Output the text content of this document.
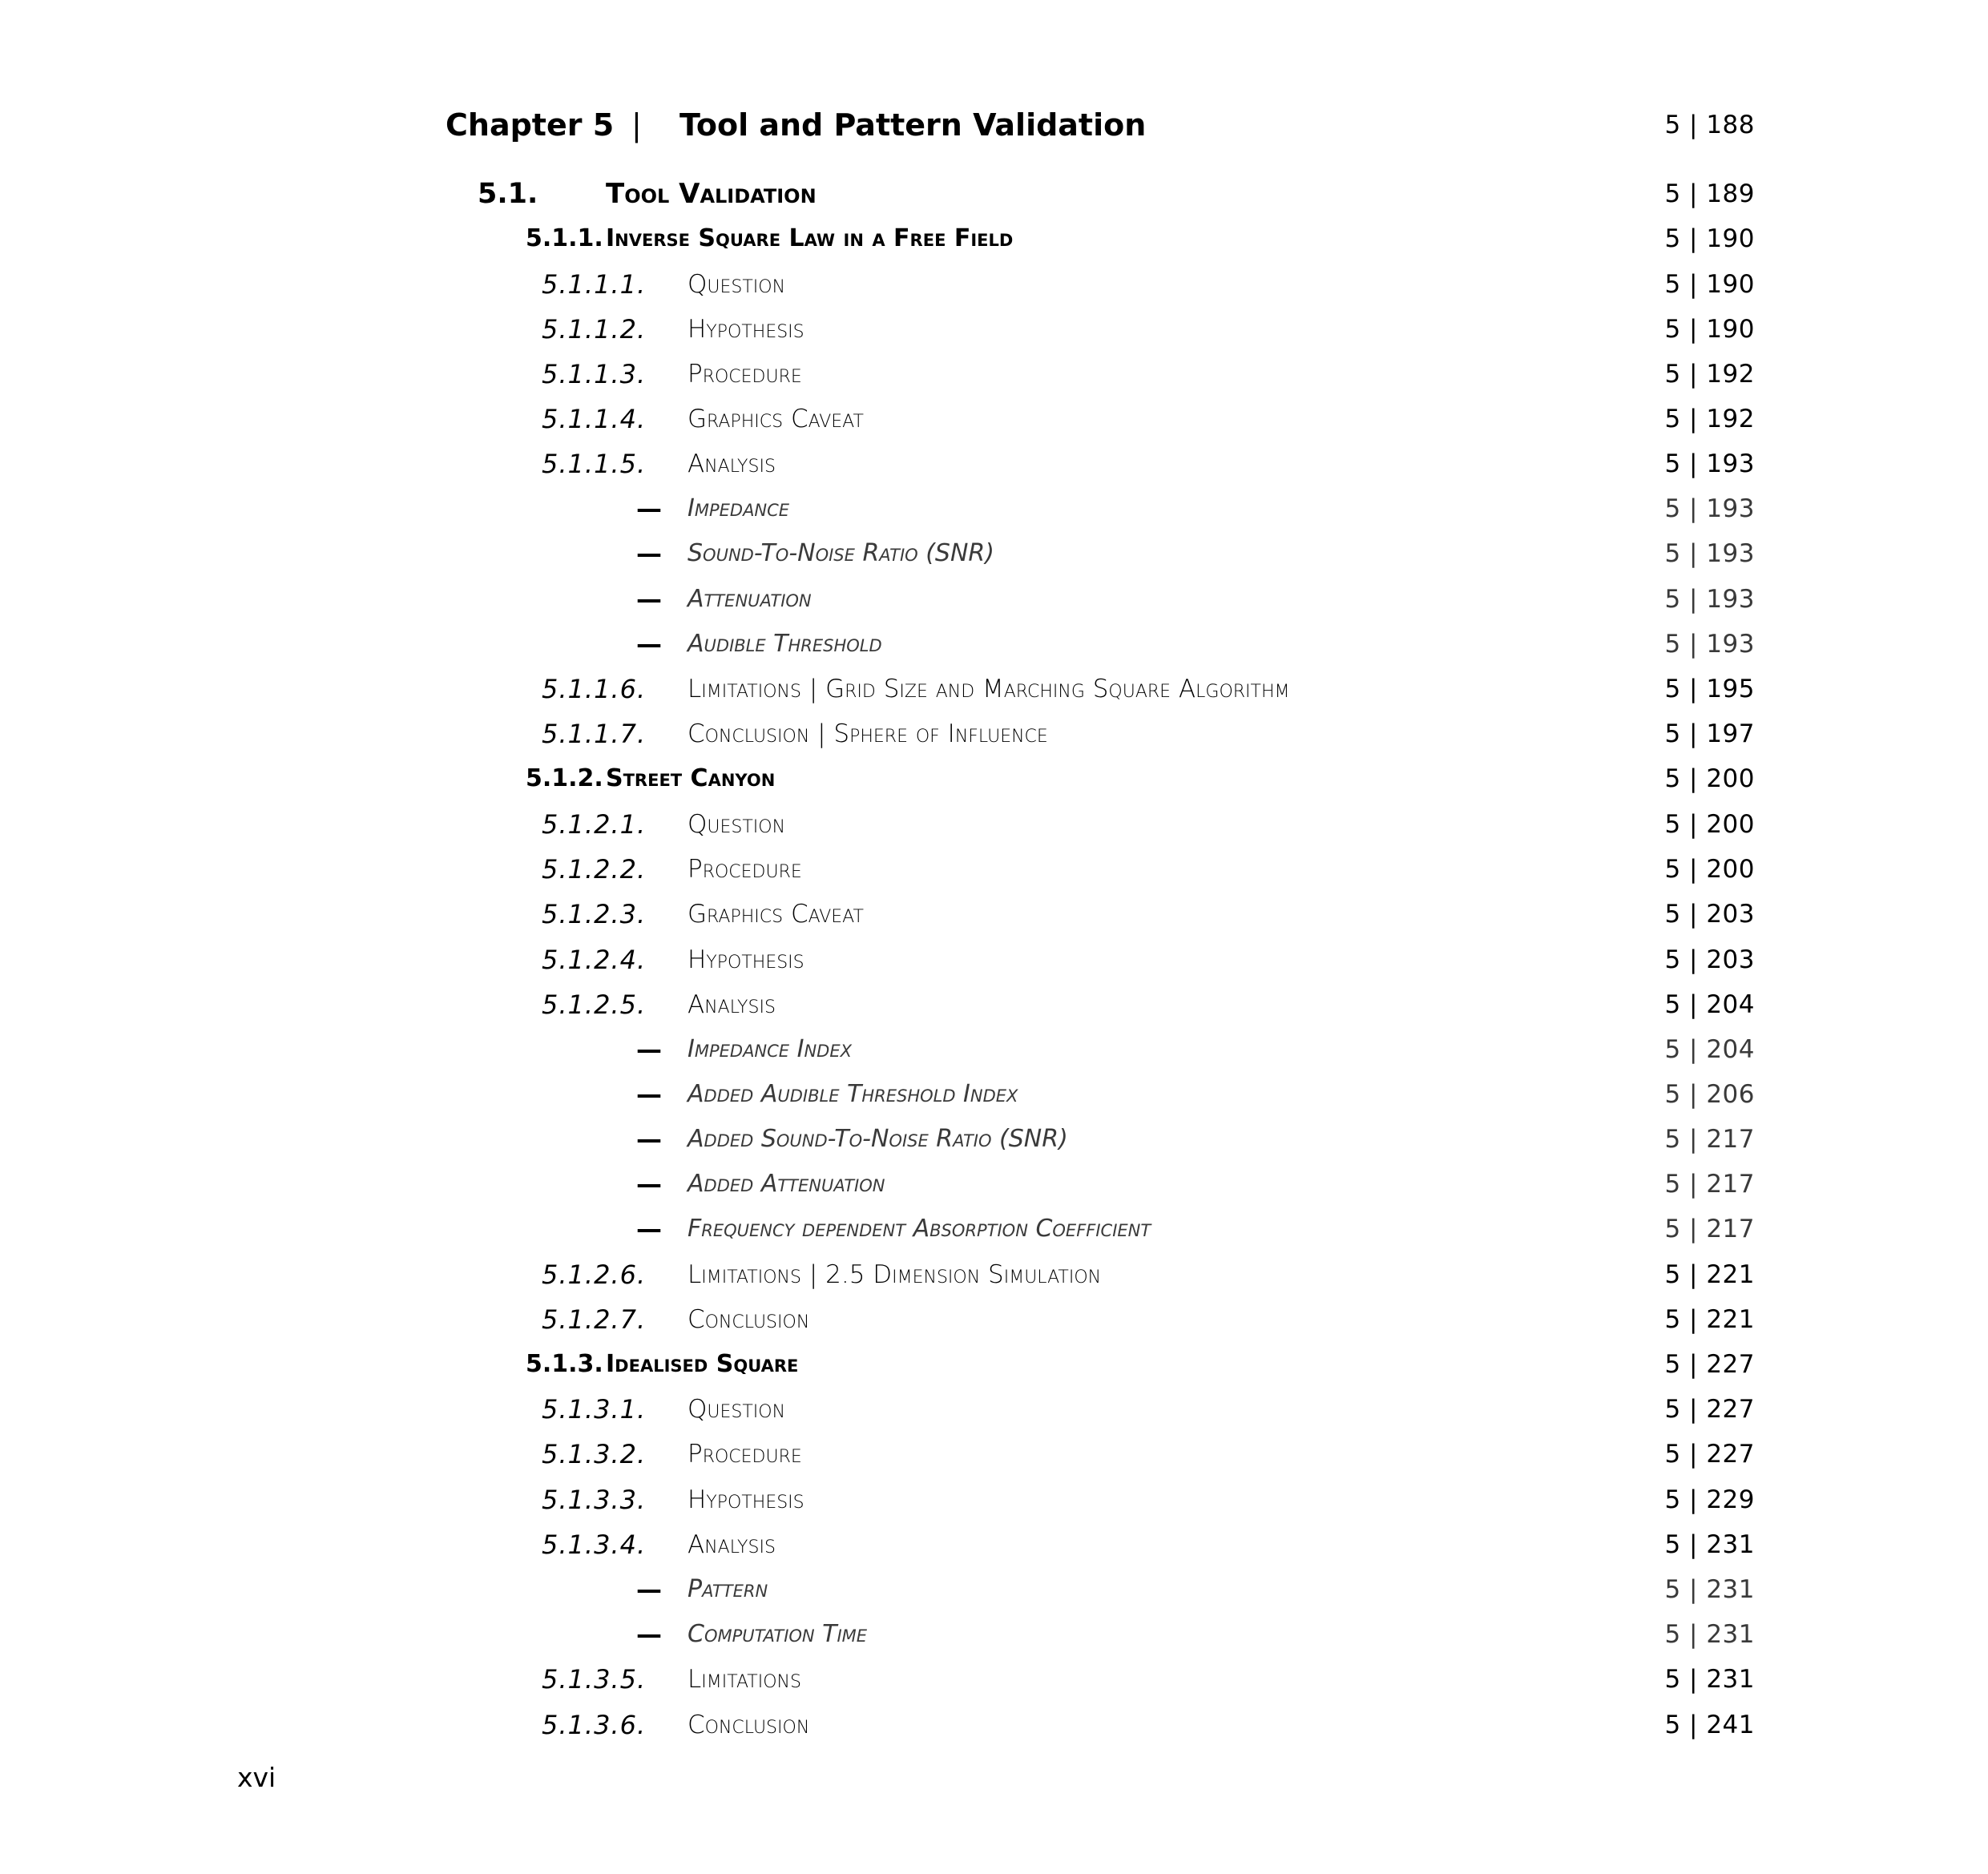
Chapter 5 | Tool and Pattern Validation	5 | 188
5.1. Tool Validation	5 | 189
5.1.1. Inverse Square Law in a Free Field	5 | 190
5.1.1.1. Question	5 | 190
5.1.1.2. Hypothesis	5 | 190
5.1.1.3. Procedure	5 | 192
5.1.1.4. Graphics Caveat	5 | 192
5.1.1.5. Analysis	5 | 193
— Impedance	5 | 193
— Sound-To-Noise Ratio (SNR)	5 | 193
— Attenuation	5 | 193
— Audible Threshold	5 | 193
5.1.1.6. Limitations | Grid Size and Marching Square Algorithm	5 | 195
5.1.1.7. Conclusion | Sphere of Influence	5 | 197
5.1.2. Street Canyon	5 | 200
5.1.2.1. Question	5 | 200
5.1.2.2. Procedure	5 | 200
5.1.2.3. Graphics Caveat	5 | 203
5.1.2.4. Hypothesis	5 | 203
5.1.2.5. Analysis	5 | 204
— Impedance Index	5 | 204
— Added Audible Threshold Index	5 | 206
— Added Sound-To-Noise Ratio (SNR)	5 | 217
— Added Attenuation	5 | 217
— Frequency dependent Absorption Coefficient	5 | 217
5.1.2.6. Limitations | 2.5 Dimension Simulation	5 | 221
5.1.2.7. Conclusion	5 | 221
5.1.3. Idealised Square	5 | 227
5.1.3.1. Question	5 | 227
5.1.3.2. Procedure	5 | 227
5.1.3.3. Hypothesis	5 | 229
5.1.3.4. Analysis	5 | 231
— Pattern	5 | 231
— Computation Time	5 | 231
5.1.3.5. Limitations	5 | 231
5.1.3.6. Conclusion	5 | 241
xvi
